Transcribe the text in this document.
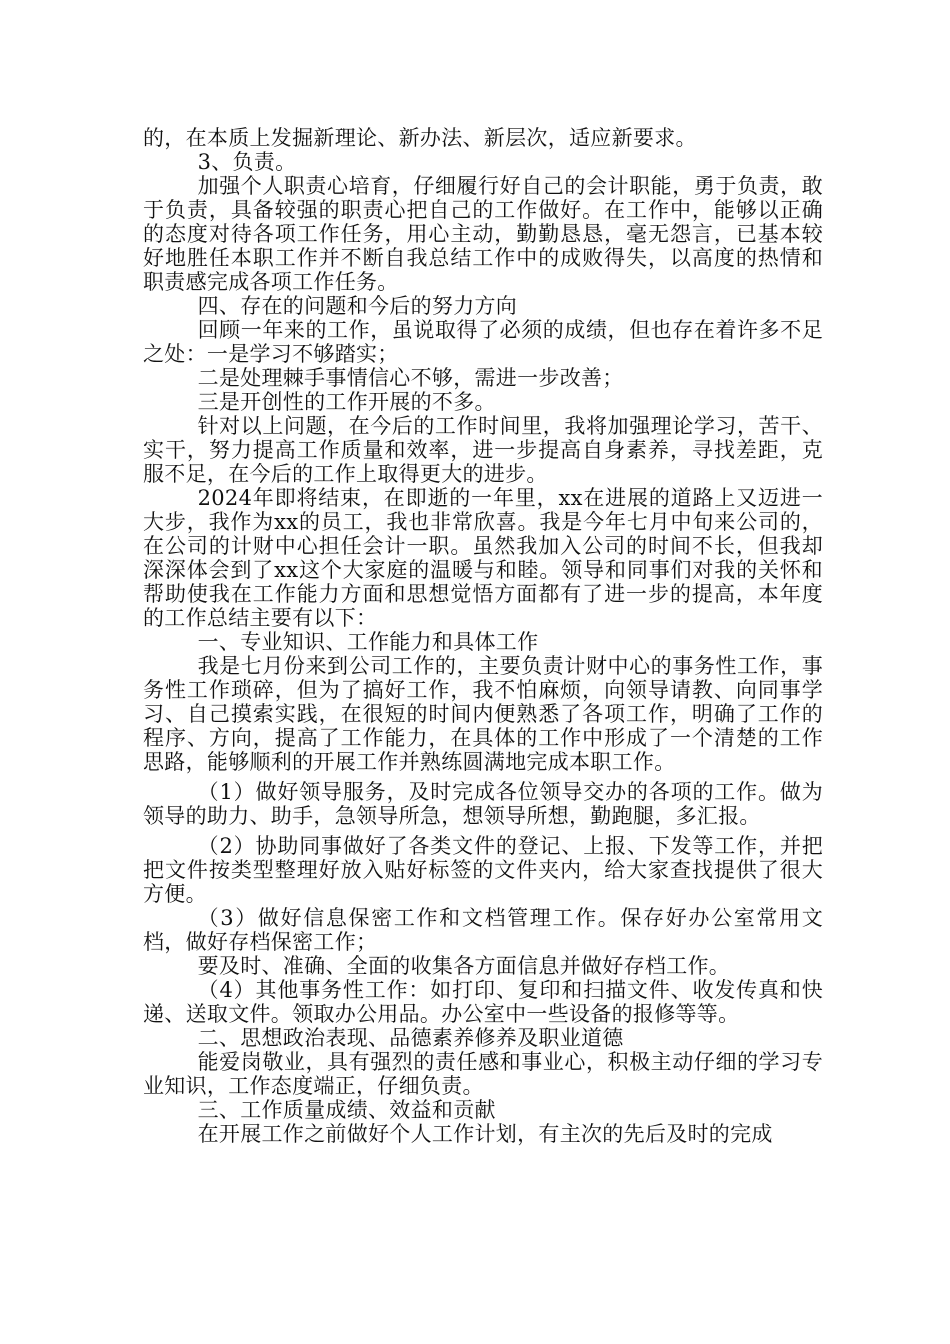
的，在本质上发掘新理论、新办法、新层次，适应新要求。

3、负责。

加强个人职责心培育，仔细履行好自己的会计职能，勇于负责，敢于负责，具备较强的职责心把自己的工作做好。在工作中，能够以正确的态度对待各项工作任务，用心主动，勤勤恳恳，毫无怨言，已基本较好地胜任本职工作并不断自我总结工作中的成败得失，以高度的热情和职责感完成各项工作任务。

四、存在的问题和今后的努力方向

回顾一年来的工作，虽说取得了必须的成绩，但也存在着许多不足之处：一是学习不够踏实；

二是处理棘手事情信心不够，需进一步改善；

三是开创性的工作开展的不多。

针对以上问题，在今后的工作时间里，我将加强理论学习，苦干、实干，努力提高工作质量和效率，进一步提高自身素养，寻找差距，克服不足，在今后的工作上取得更大的进步。

2024年即将结束，在即逝的一年里，xx在进展的道路上又迈进一大步，我作为xx的员工，我也非常欣喜。我是今年七月中旬来公司的，在公司的计财中心担任会计一职。虽然我加入公司的时间不长，但我却深深体会到了xx这个大家庭的温暖与和睦。领导和同事们对我的关怀和帮助使我在工作能力方面和思想觉悟方面都有了进一步的提高，本年度的工作总结主要有以下：

一、专业知识、工作能力和具体工作

我是七月份来到公司工作的，主要负责计财中心的事务性工作，事务性工作琐碎，但为了搞好工作，我不怕麻烦，向领导请教、向同事学习、自己摸索实践，在很短的时间内便熟悉了各项工作，明确了工作的程序、方向，提高了工作能力，在具体的工作中形成了一个清楚的工作思路，能够顺利的开展工作并熟练圆满地完成本职工作。

（1）做好领导服务，及时完成各位领导交办的各项的工作。做为领导的助力、助手，急领导所急，想领导所想，勤跑腿，多汇报。

（2）协助同事做好了各类文件的登记、上报、下发等工作，并把把文件按类型整理好放入贴好标签的文件夹内，给大家查找提供了很大方便。

（3）做好信息保密工作和文档管理工作。保存好办公室常用文档，做好存档保密工作；

要及时、准确、全面的收集各方面信息并做好存档工作。

（4）其他事务性工作：如打印、复印和扫描文件、收发传真和快递、送取文件。领取办公用品。办公室中一些设备的报修等等。

二、思想政治表现、品德素养修养及职业道德

能爱岗敬业，具有强烈的责任感和事业心，积极主动仔细的学习专业知识，工作态度端正，仔细负责。

三、工作质量成绩、效益和贡献

在开展工作之前做好个人工作计划，有主次的先后及时的完成
